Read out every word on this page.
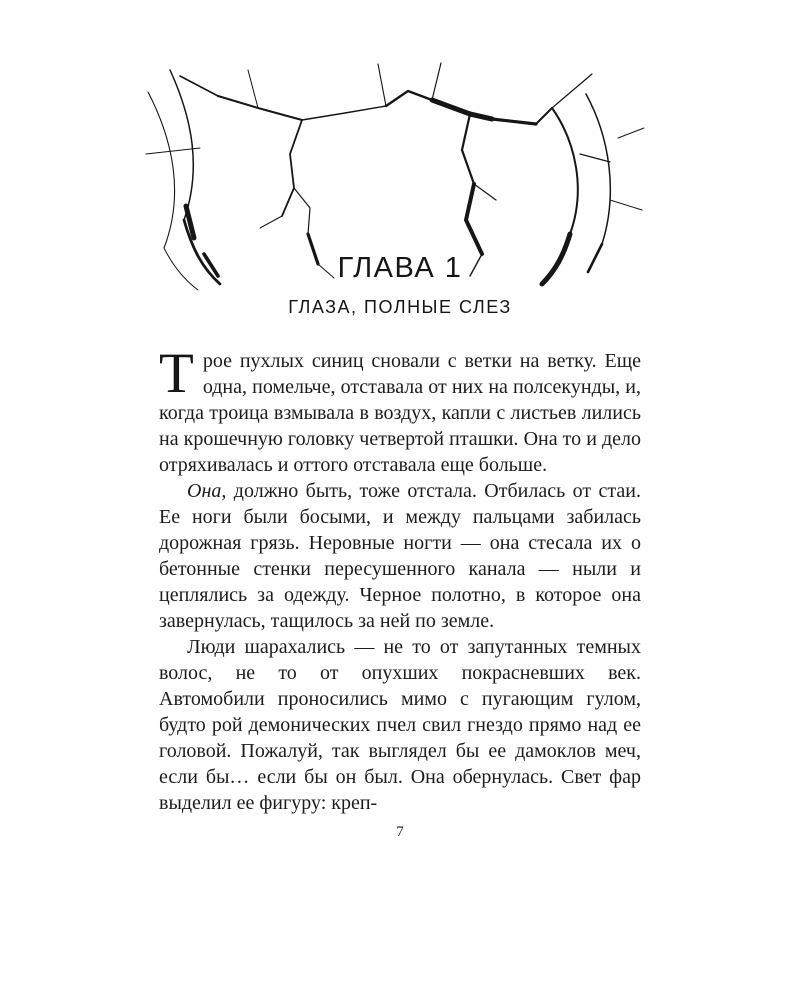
ГЛАВА 1
ГЛАЗА, ПОЛНЫЕ СЛЕЗ

Трое пухлых синиц сновали с ветки на ветку. Еще одна, помельче, отставала от них на полсекунды, и, когда троица взмывала в воздух, капли с листьев лились на крошечную головку четвертой пташки. Она то и дело отряхивалась и оттого отставала еще больше.

Она, должно быть, тоже отстала. Отбилась от стаи. Ее ноги были босыми, и между пальцами забилась дорожная грязь. Неровные ногти — она стесала их о бетонные стенки пересушенного канала — ныли и цеплялись за одежду. Черное полотно, в которое она завернулась, тащилось за ней по земле.

Люди шарахались — не то от запутанных темных волос, не то от опухших покрасневших век. Автомобили проносились мимо с пугающим гулом, будто рой демонических пчел свил гнездо прямо над ее головой. Пожалуй, так выглядел бы ее дамоклов меч, если бы… если бы он был. Она обернулась. Свет фар выделил ее фигуру: креп-

7
